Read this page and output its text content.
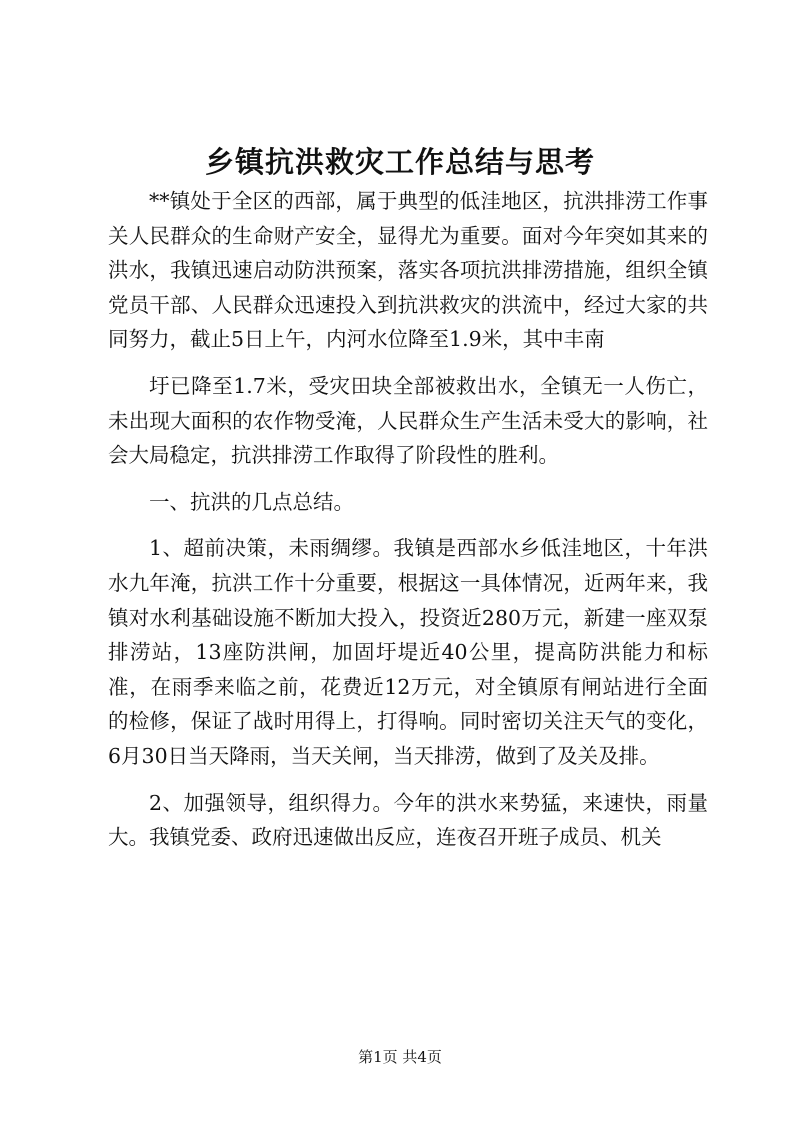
乡镇抗洪救灾工作总结与思考

**镇处于全区的西部，属于典型的低洼地区，抗洪排涝工作事关人民群众的生命财产安全，显得尤为重要。面对今年突如其来的洪水，我镇迅速启动防洪预案，落实各项抗洪排涝措施，组织全镇党员干部、人民群众迅速投入到抗洪救灾的洪流中，经过大家的共同努力，截止5日上午，内河水位降至1.9米，其中丰南

圩已降至1.7米，受灾田块全部被救出水，全镇无一人伤亡，未出现大面积的农作物受淹，人民群众生产生活未受大的影响，社会大局稳定，抗洪排涝工作取得了阶段性的胜利。

一、抗洪的几点总结。

1、超前决策，未雨绸缪。我镇是西部水乡低洼地区，十年洪水九年淹，抗洪工作十分重要，根据这一具体情况，近两年来，我镇对水利基础设施不断加大投入，投资近280万元，新建一座双泵排涝站，13座防洪闸，加固圩堤近40公里，提高防洪能力和标准，在雨季来临之前，花费近12万元，对全镇原有闸站进行全面的检修，保证了战时用得上，打得响。同时密切关注天气的变化，6月30日当天降雨，当天关闸，当天排涝，做到了及关及排。

2、加强领导，组织得力。今年的洪水来势猛，来速快，雨量大。我镇党委、政府迅速做出反应，连夜召开班子成员、机关

第1页 共4页
